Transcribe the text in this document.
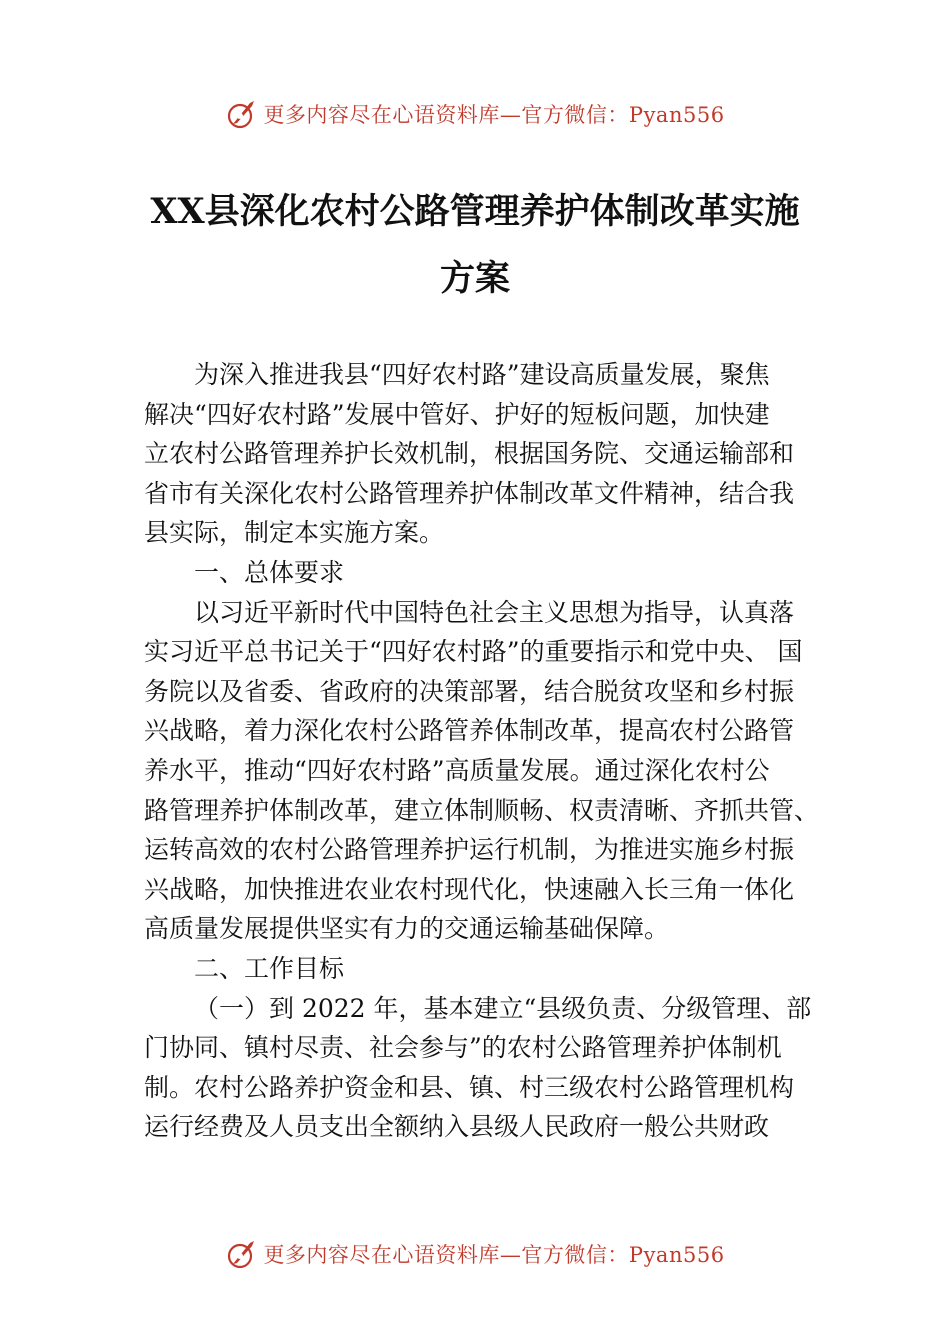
更多内容尽在心语资料库—官方微信：Pyan556
XX县深化农村公路管理养护体制改革实施
方案
为深入推进我县“四好农村路”建设高质量发展，聚焦
解决“四好农村路”发展中管好、护好的短板问题，加快建
立农村公路管理养护长效机制，根据国务院、交通运输部和
省市有关深化农村公路管理养护体制改革文件精神，结合我
县实际，制定本实施方案。
一、总体要求
以习近平新时代中国特色社会主义思想为指导，认真落
实习近平总书记关于“四好农村路”的重要指示和党中央、 国
务院以及省委、省政府的决策部署，结合脱贫攻坚和乡村振
兴战略，着力深化农村公路管养体制改革，提高农村公路管
养水平，推动“四好农村路”高质量发展。通过深化农村公
路管理养护体制改革，建立体制顺畅、权责清晰、齐抓共管、
运转高效的农村公路管理养护运行机制，为推进实施乡村振
兴战略，加快推进农业农村现代化，快速融入长三角一体化
高质量发展提供坚实有力的交通运输基础保障。
二、工作目标
（一）到 2022 年，基本建立“县级负责、分级管理、部
门协同、镇村尽责、社会参与”的农村公路管理养护体制机
制。农村公路养护资金和县、镇、村三级农村公路管理机构
运行经费及人员支出全额纳入县级人民政府一般公共财政
更多内容尽在心语资料库—官方微信：Pyan556
